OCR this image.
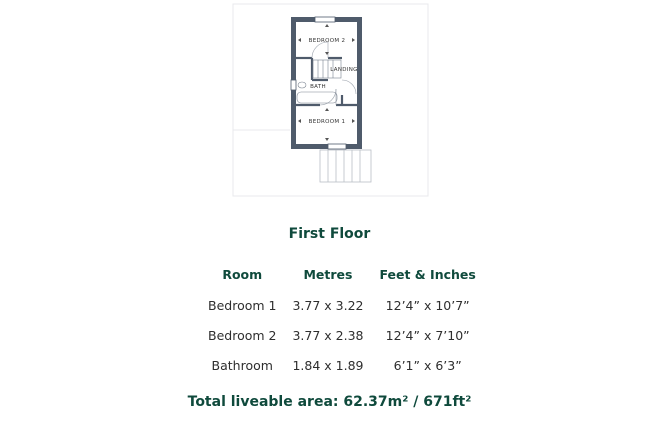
BEDROOM 2
LANDING
BATH
BEDROOM 1
First Floor
Room	Metres	Feet & Inches
Bedroom 1	3.77 x 3.22	12’4” x 10’7”
Bedroom 2	3.77 x 2.38	12’4” x 7’10”
Bathroom	1.84 x 1.89	6’1” x 6’3”
Total liveable area: 62.37m² / 671ft²
